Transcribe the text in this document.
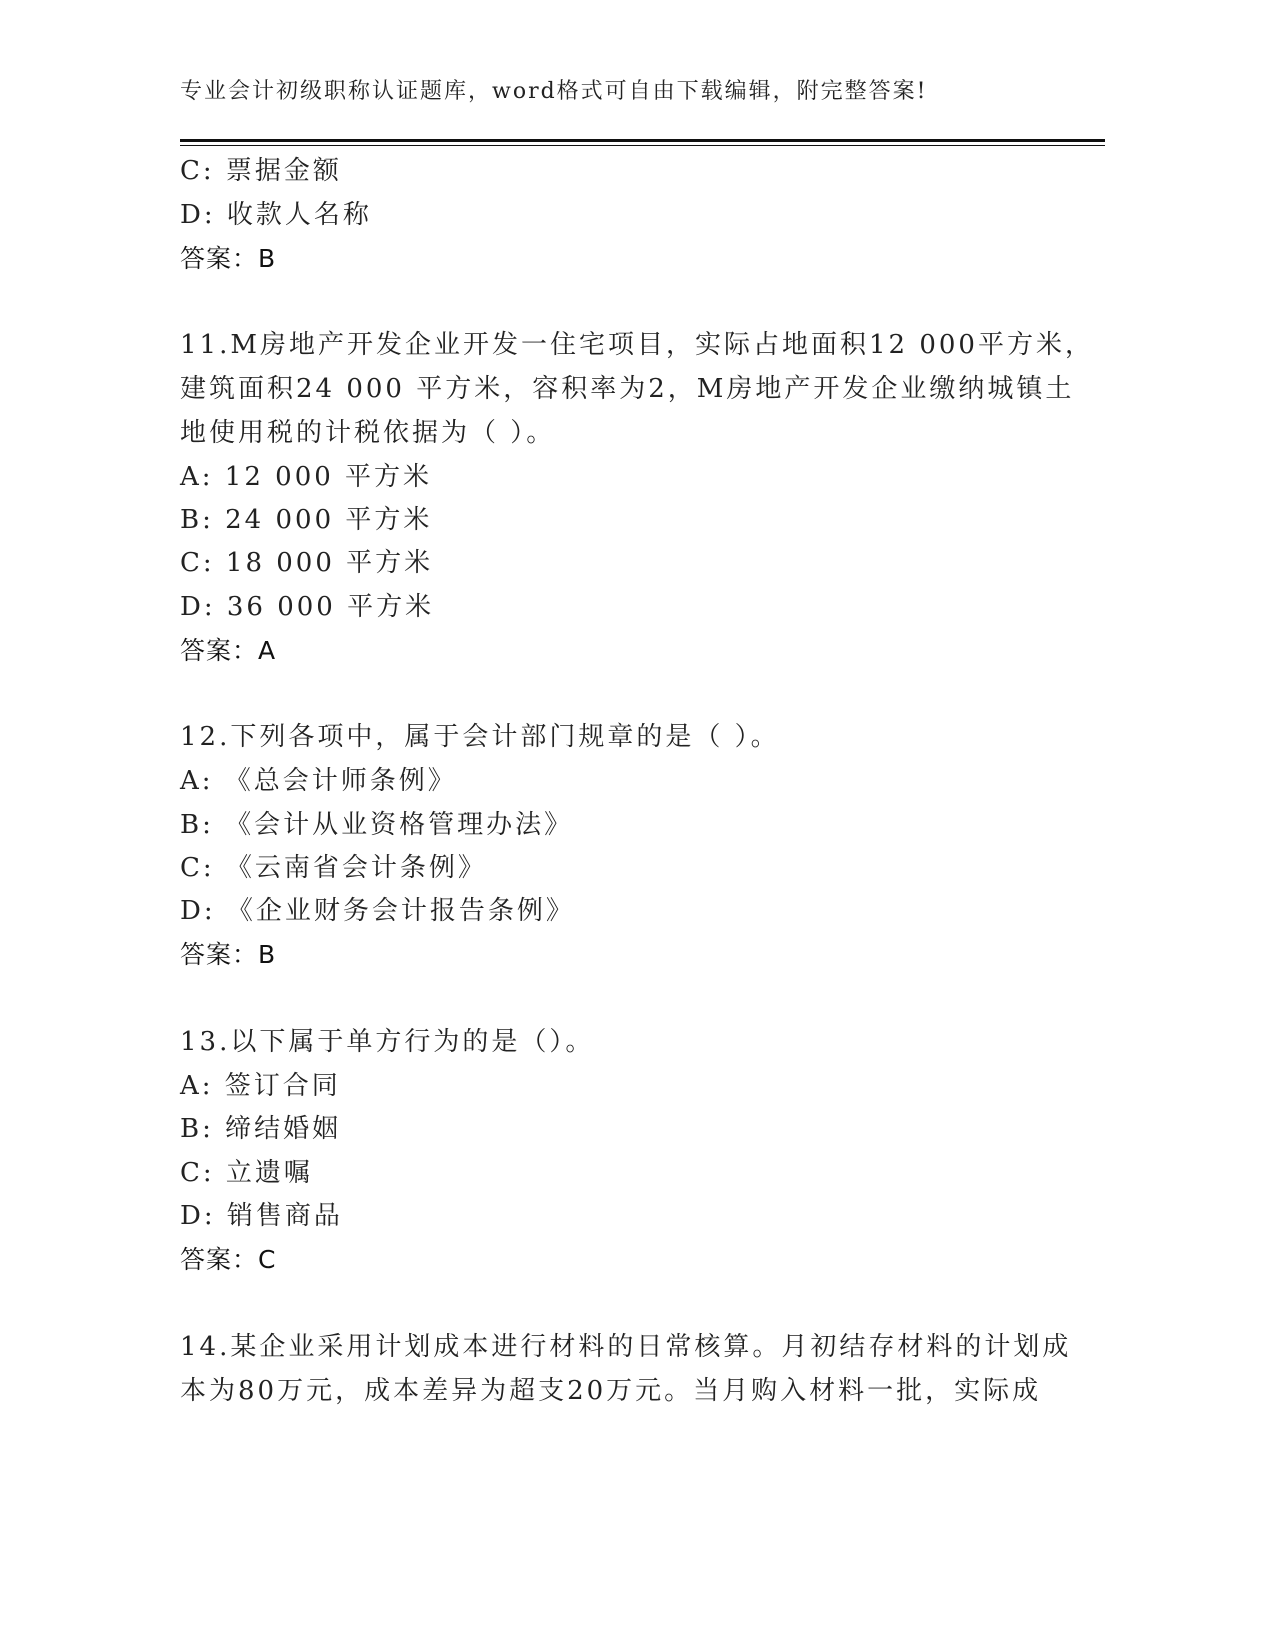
专业会计初级职称认证题库，word格式可自由下载编辑，附完整答案!
C: 票据金额
D: 收款人名称
答案：B
11.M房地产开发企业开发一住宅项目，实际占地面积12 000平方米，
建筑面积24 000 平方米，容积率为2，M房地产开发企业缴纳城镇土
地使用税的计税依据为（ ）。
A: 12 000 平方米
B: 24 000 平方米
C: 18 000 平方米
D: 36 000 平方米
答案：A
12.下列各项中，属于会计部门规章的是（ ）。
A: 《总会计师条例》
B: 《会计从业资格管理办法》
C: 《云南省会计条例》
D: 《企业财务会计报告条例》
答案：B
13.以下属于单方行为的是（）。
A: 签订合同
B: 缔结婚姻
C: 立遗嘱
D: 销售商品
答案：C
14.某企业采用计划成本进行材料的日常核算。月初结存材料的计划成
本为80万元，成本差异为超支20万元。当月购入材料一批，实际成
